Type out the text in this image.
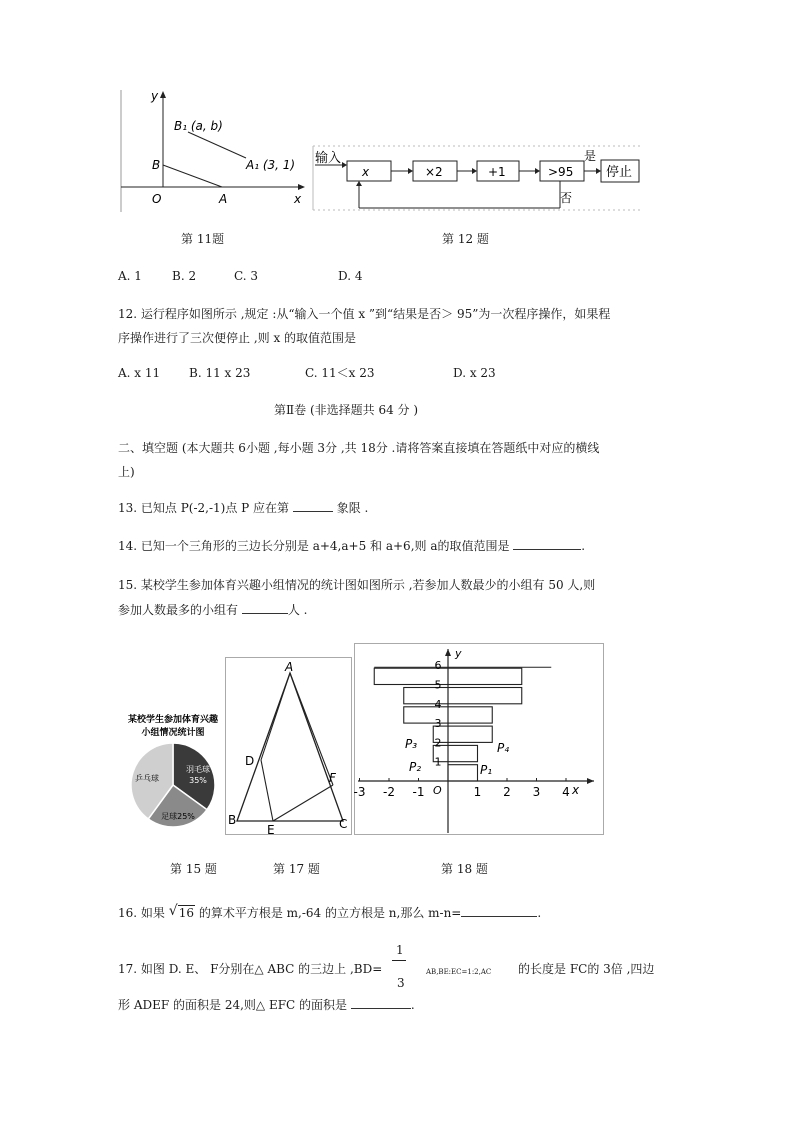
y
x
O
B
A
B₁ (a, b)
A₁ (3, 1) 输入
x	×2	+1	>95
是
停止
否
第 11题	第 12 题
A. 1	B. 2	C. 3	D. 4
12. 运行程序如图所示 ,规定 :从“输入一个值 x ”到“结果是否＞ 95”为一次程序操作，如果程
序操作进行了三次便停止 ,则 x 的取值范围是
A. x 11 B. 11 x 23	C. 11＜x 23	D. x 23
第Ⅱ卷 (非选择题共 64 分 )
二、填空题 (本大题共 6小题 ,每小题 3分 ,共 18分 .请将答案直接填在答题纸中对应的横线
上)
13. 已知点 P(-2,-1)点 P 应在第	象限 .
14. 已知一个三角形的三边长分别是 a+4,a+5 和 a+6,则 a的取值范围是	.
15. 某校学生参加体育兴趣小组情况的统计图如图所示 ,若参加人数最少的小组有 50 人,则
参加人数最多的小组有	人 .
某校学生参加体育兴趣
小组情况统计图
羽毛球
35%
乒乓球
足球25%
A
B	C
D
E
F
y
x
O
-3 -2 -1	1 2 3 4
1
2
3
4
5
6
P₃	P₄
P₂	P₁
第 15 题	第 17 题	第 18 题
16. 如果 √ 16 的算术平方根是 m,-64 的立方根是 n,那么 m-n=	.
17. 如图 D. E、 F分别在△ ABC 的三边上 ,BD=
1
3
AB,BE:EC=1:2,AC 的长度是 FC的 3倍 ,四边
形 ADEF 的面积是 24,则△ EFC 的面积是	.
